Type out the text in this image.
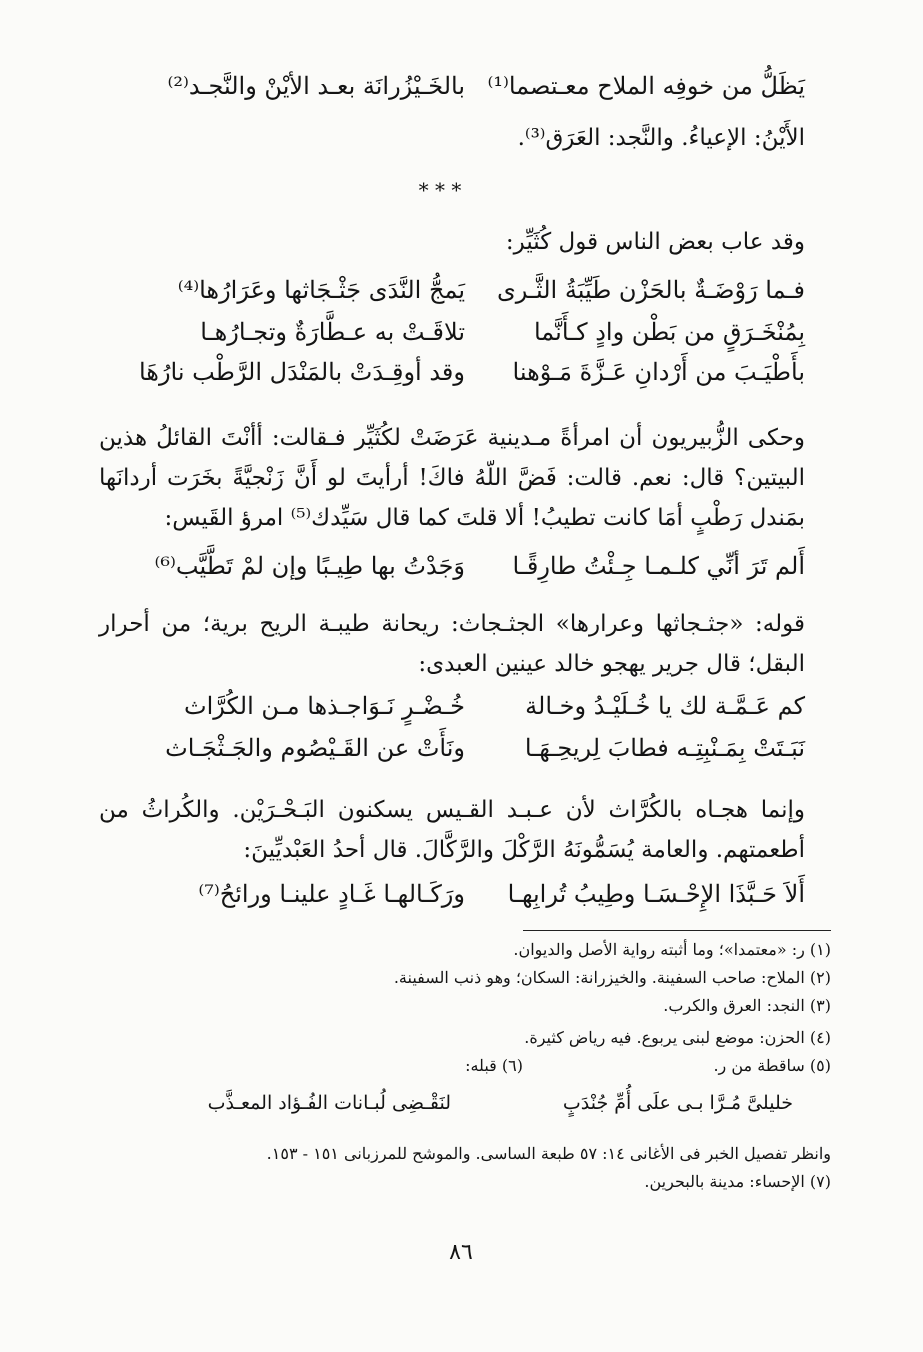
يَظَلُّ من خوفِه الملاح معـتصما⁽¹⁾
بالخَـيْزُرانَة بعـد الأيْنْ والنَّجـد⁽²⁾
الأَيْنُ: الإعياءُ. والنَّجد: العَرَق⁽³⁾.
* * *
وقد عاب بعض الناس قول كُثَيِّر:
فـما رَوْضَـةٌ بالحَزْن طَيِّبَةُ الثَّـرى
يَمجُّ النَّدَى جَثْـجَاثها وعَرَارُها⁽⁴⁾
بِمُنْخَـرَقٍ من بَطْن وادٍ كـأَنَّما
تلاقَـتْ به عـطَّارَةٌ وتجـارُهـا
بأَطْيَـبَ من أَرْدانِ عَـزَّةَ مَـوْهنا
وقد أوقِـدَتْ بالمَنْدَل الرَّطْب نارُهَا
وحكى الزُّبيريون أن امرأةً مـدينية عَرَضَتْ لكُثَيِّر فـقالت: أأنْتَ القائلُ هذين البيتين؟ قال: نعم. قالت: فَضَّ اللّهُ فاكَ! أرأيتَ لو أَنَّ زَنْجيَّةً بخَرَت أردانَها بمَندل رَطْبٍ أمَا كانت تطيبُ! ألا قلتَ كما قال سَيِّدك⁽⁵⁾ امرؤ القَيس:
أَلم تَرَ أنِّي كلـمـا جِـئْتُ طارِقًـا
وَجَدْتُ بها طِيـبًا وإن لمْ تَطَّيَّب⁽⁶⁾
قوله: «جثـجاثها وعرارها» الجثـجاث: ريحانة طيبـة الريح برية؛ من أحرار البقل؛ قال جرير يهجو خالد عينين العبدى:
كم عَـمَّـة لك يا خُـلَيْـدُ وخـالة
خُـضْـرٍ نَـوَاجـذها مـن الكُرَّاث
نَبَـتَتْ بِمَـنْبِتِـه فطابَ لِريحِـهَـا
ونَأَتْ عن القَـيْصُوم والجَـثْجَـاث
وإنما هجـاه بالكُرَّاث لأن عـبـد القـيس يسكنون البَـحْـرَيْن. والكُراثُ من أطعمتهم. والعامة يُسَمُّونَهُ الرَّكْلَ والرَّكَّالَ. قال أحدُ العَبْديِّينَ:
أَلاَ حَـبَّذَا الإِحْـسَـا وطِيبُ تُرابِهـا
ورَكَـالهـا غَـادٍ علينـا ورائحُ⁽⁷⁾
(١) ر: «معتمدا»؛ وما أثبته رواية الأصل والديوان.
(٢) الملاح: صاحب السفينة. والخيزرانة: السكان؛ وهو ذنب السفينة.
(٣) النجد: العرق والكرب.
(٤) الحزن: موضع لبنى يربوع. فيه رياض كثيرة.
(٥) ساقطة من ر.
(٦) قبله:
خليلىَّ مُـرَّا بـى علَى أُمِّ جُنْدَبٍ
لنَقْـضِى لُبـانات الفُـؤاد المعـذَّب
وانظر تفصيل الخبر فى الأغانى ١٤: ٥٧ طبعة الساسى. والموشح للمرزبانى ١٥١ - ١٥٣.
(٧) الإحساء: مدينة بالبحرين.
٨٦
